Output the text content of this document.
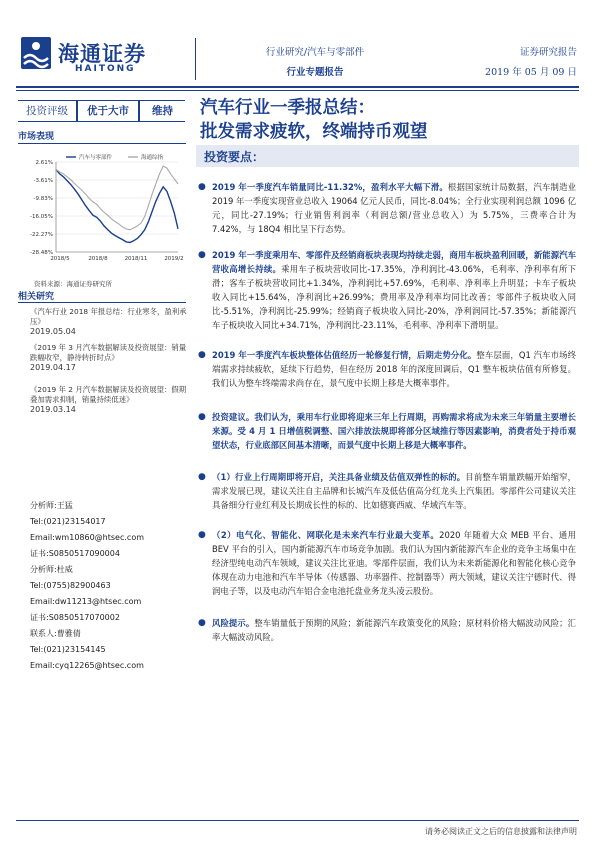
海通证券
HAITONG
行业研究/汽车与零部件
行业专题报告
证券研究报告
2019 年 05 月 09 日
投资评级	优于大市	维持	汽车行业一季报总结：
批发需求疲软，终端持币观望
市场表现
2.61%
-3.61%
-9.83%
-16.05%
-22.27%
-28.48%
2018/5	2018/8	2018/11	2019/2
汽车与零部件	海通综指
资料来源：海通证券研究所
相关研究
《汽车行业 2018 年报总结：行业寒冬，盈利承压》
2019.05.04
《2019 年 3 月汽车数据解读及投资展望：销量跌幅收窄，静待转折时点》
2019.04.17
《2019 年 2 月汽车数据解读及投资展望：假期叠加需求抑制，销量持续低迷》
2019.03.14
分析师:王猛
Tel:(021)23154017
Email:wm10860@htsec.com
证书:S0850517090004
分析师:杜威
Tel:(0755)82900463
Email:dw11213@htsec.com
证书:S0850517070002
联系人:曹雅倩
Tel:(021)23154145
Email:cyq12265@htsec.com
投资要点：
● 2019 年一季度汽车销量同比-11.32%，盈利水平大幅下滑。根据国家统计局数据，汽车制造业 2019 年一季度实现营业总收入 19064 亿元人民币，同比-8.04%；全行业实现利润总额 1096 亿元，同比-27.19%；行业销售利润率（利润总额/营业总收入）为 5.75%，三费率合计为 7.42%，与 18Q4 相比呈下行态势。
● 2019 年一季度乘用车、零部件及经销商板块表现均持续走弱，商用车板块盈利回暖，新能源汽车营收高增长持续。乘用车子板块营收同比-17.35%，净利润比-43.06%，毛利率、净利率有所下滑；客车子板块营收同比+1.34%，净利润比+57.69%，毛利率、净利率上升明显；卡车子板块收入同比+15.64%，净利润比+26.99%；费用率及净利率均同比改善；零部件子板块收入同比-5.51%，净利润比-25.99%；经销商子板块收入同比-20%，净利润同比-57.35%；新能源汽车子板块收入同比+34.71%，净利润比-23.11%，毛利率、净利率下滑明显。
● 2019 年一季度汽车板块整体估值经历一轮修复行情，后期走势分化。整车层面，Q1 汽车市场终端需求持续疲软，延续下行趋势，但在经历 2018 年的深度回调后，Q1 整车板块估值有所修复。我们认为整车终端需求尚存在，景气度中长期上移是大概率事件。
● 投资建议。我们认为，乘用车行业即将迎来三年上行周期，再购需求将成为未来三年销量主要增长来源。受 4 月 1 日增值税调整、国六排放法规即将部分区域推行等因素影响，消费者处于持币观望状态，行业底部区间基本清晰，而景气度中长期上移是大概率事件。
● （1）行业上行周期即将开启，关注具备业绩及估值双弹性的标的。目前整车销量跌幅开始缩窄，需求发展已现，建议关注自主品牌和长城汽车及低估值高分红龙头上汽集团。零部件公司建议关注具备细分行业红利及长期成长性的标的、比如德赛西威、华域汽车等。
● （2）电气化、智能化、网联化是未来汽车行业最大变革。2020 年随着大众 MEB 平台、通用 BEV 平台的引入，国内新能源汽车市场竞争加剧。我们认为国内新能源汽车企业的竞争主场集中在经济型纯电动汽车领域，建议关注比亚迪。零部件层面，我们认为未来新能源化和智能化核心竞争体现在动力电池和汽车半导体（传感器、功率器件、控制器等）两大领域，建议关注宁德时代、得润电子等，以及电动汽车铝合金电池托盘业务龙头凌云股份。
● 风险提示。整车销量低于预期的风险；新能源汽车政策变化的风险；原材料价格大幅波动风险；汇率大幅波动风险。
请务必阅读正文之后的信息披露和法律声明
